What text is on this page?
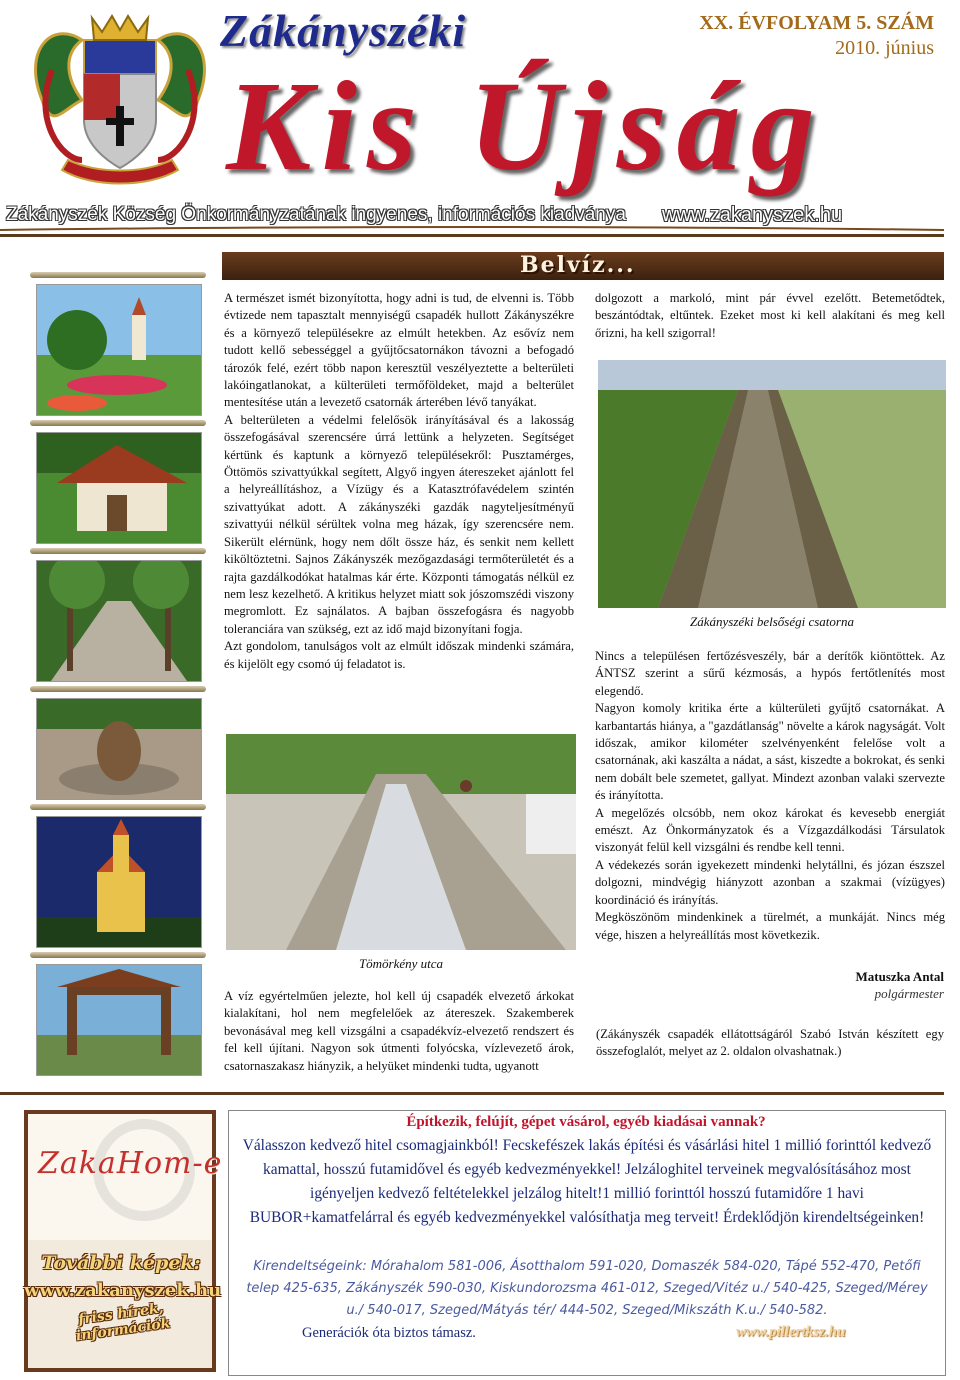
Zákányszéki
Kis Újság
XX. ÉVFOLYAM 5. SZÁM
2010. június
Zákányszék Község Önkormányzatának ingyenes, információs kiadványa www.zakanyszek.hu
Belvíz...

A természet ismét bizonyította, hogy adni is tud, de elvenni is. Több évtizede nem tapasztalt mennyiségű csapadék hullott Zákányszékre és a környező településekre az elmúlt hetekben. Az esővíz nem tudott kellő sebességgel a gyűjtőcsatornákon távozni a befogadó tározók felé, ezért több napon keresztül veszélyeztette a belterületi lakóingatlanokat, a külterületi termőföldeket, majd a belterület mentesítése után a levezető csatornák árterében lévő tanyákat.

A belterületen a védelmi felelősök irányításával és a lakosság összefogásával szerencsére úrrá lettünk a helyzeten. Segítséget kértünk és kaptunk a környező településekről: Pusztamérges, Öttömös szivattyúkkal segített, Algyő ingyen átereszeket ajánlott fel a helyreállításhoz, a Vízügy és a Katasztrófavédelem szintén szivattyúkat adott. A zákányszéki gazdák nagyteljesítményű szivattyúi nélkül sérültek volna meg házak, így szerencsére nem. Sikerült elérnünk, hogy nem dőlt össze ház, és senkit nem kellett kiköltöztetni. Sajnos Zákányszék mezőgazdasági termőterületét és a rajta gazdálkodókat hatalmas kár érte. Központi támogatás nélkül ez nem lesz kezelhető. A kritikus helyzet miatt sok jószomszédi viszony megromlott. Ez sajnálatos. A bajban összefogásra és nagyobb toleranciára van szükség, ezt az idő majd bizonyítani fogja.

Azt gondolom, tanulságos volt az elmúlt időszak mindenki számára, és kijelölt egy csomó új feladatot is.

Tömörkény utca

A víz egyértelműen jelezte, hol kell új csapadék elvezető árkokat kialakítani, hol nem megfelelőek az átereszek. Szakemberek bevonásával meg kell vizsgálni a csapadékvíz-elvezető rendszert és fel kell újítani. Nagyon sok útmenti folyócska, vízlevezető árok, csatornaszakasz hiányzik, a helyüket mindenki tudta, ugyanott

dolgozott a markoló, mint pár évvel ezelőtt. Betemetődtek, beszántódtak, eltűntek. Ezeket most ki kell alakítani és meg kell őrizni, ha kell szigorral!

Zákányszéki belsőségi csatorna

Nincs a településen fertőzésveszély, bár a derítők kiöntöttek. Az ÁNTSZ szerint a sűrű kézmosás, a hypós fertőtlenítés most elegendő.

Nagyon komoly kritika érte a külterületi gyűjtő csatornákat. A karbantartás hiánya, a "gazdátlanság" növelte a károk nagyságát. Volt időszak, amikor kilométer szelvényenként felelőse volt a csatornának, aki kaszálta a nádat, a sást, kiszedte a bokrokat, és senki nem dobált bele szemetet, gallyat. Mindezt azonban valaki szervezte és irányította.

A megelőzés olcsóbb, nem okoz károkat és kevesebb energiát emészt. Az Önkormányzatok és a Vízgazdálkodási Társulatok viszonyát felül kell vizsgálni és rendbe kell tenni.

A védekezés során igyekezett mindenki helytállni, és józan észszel dolgozni, mindvégig hiányzott azonban a szakmai (vízügyes) koordináció és irányítás.

Megköszönöm mindenkinek a türelmét, a munkáját. Nincs még vége, hiszen a helyreállítás most következik.

Matuszka Antal
polgármester
(Zákányszék csapadék ellátottságáról Szabó István készített egy összefoglalót, melyet az 2. oldalon olvashatnak.)
ZakaHom-e
További képek:
www.zakanyszek.hu
friss hírek, információk
Építkezik, felújít, gépet vásárol, egyéb kiadásai vannak?
Válasszon kedvező hitel csomagjainkból! Fecskefészek lakás építési és vásárlási hitel 1 millió forinttól kedvező kamattal, hosszú futamidővel és egyéb kedvezményekkel! Jelzáloghitel terveinek megvalósításához most igényeljen kedvező feltételekkel jelzálog hitelt!1 millió forinttól hosszú futamidőre 1 havi BUBOR+kamatfelárral és egyéb kedvezményekkel valósíthatja meg terveit! Érdeklődjön kirendeltségeinken!
Kirendeltségeink: Mórahalom 581-006, Ásotthalom 591-020, Domaszék 584-020, Tápé 552-470, Petőfi telep 425-635, Zákányszék 590-030, Kiskundorozsma 461-012, Szeged/Vitéz u./ 540-425, Szeged/Mérey u./ 540-017, Szeged/Mátyás tér/ 444-502, Szeged/Mikszáth K.u./ 540-582.
Generációk óta biztos támasz.	www.pillertksz.hu
